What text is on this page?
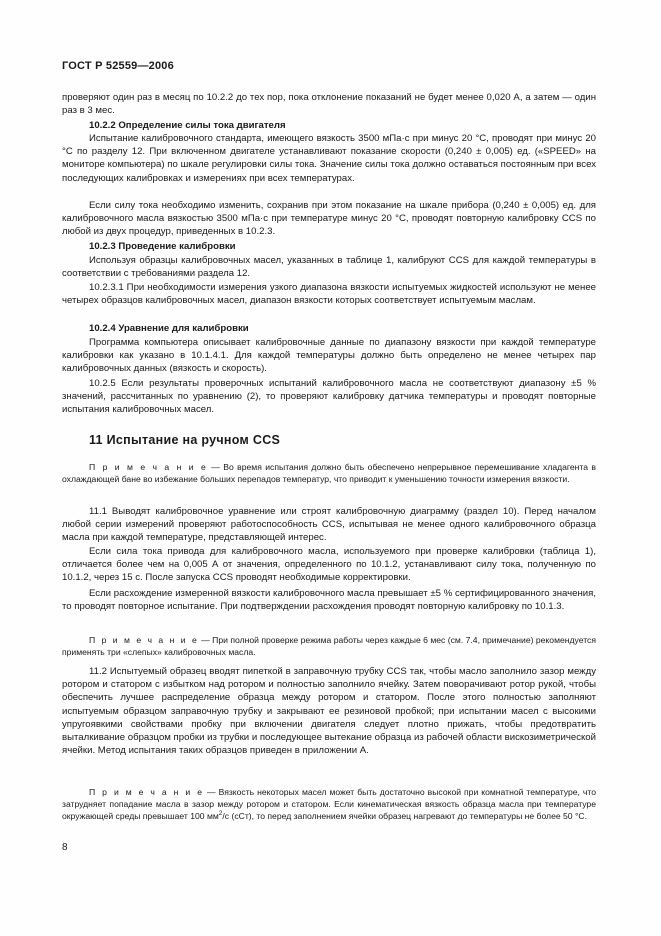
ГОСТ Р 52559—2006
проверяют один раз в месяц по 10.2.2 до тех пор, пока отклонение показаний не будет менее 0,020 А, а затем — один раз в 3 мес.
10.2.2 Определение силы тока двигателя
Испытание калибровочного стандарта, имеющего вязкость 3500 мПа·с при минус 20 °С, проводят при минус 20 °С по разделу 12. При включенном двигателе устанавливают показание скорости (0,240 ± 0,005) ед. («SPEED» на мониторе компьютера) по шкале регулировки силы тока. Значение силы тока должно оставаться постоянным при всех последующих калибровках и измерениях при всех температурах.
Если силу тока необходимо изменить, сохранив при этом показание на шкале прибора (0,240 ± 0,005) ед. для калибровочного масла вязкостью 3500 мПа·с при температуре минус 20 °С, проводят повторную калибровку CCS по любой из двух процедур, приведенных в 10.2.3.
10.2.3 Проведение калибровки
Используя образцы калибровочных масел, указанных в таблице 1, калибруют CCS для каждой температуры в соответствии с требованиями раздела 12.
10.2.3.1 При необходимости измерения узкого диапазона вязкости испытуемых жидкостей используют не менее четырех образцов калибровочных масел, диапазон вязкости которых соответствует испытуемым маслам.
10.2.4 Уравнение для калибровки
Программа компьютера описывает калибровочные данные по диапазону вязкости при каждой температуре калибровки как указано в 10.1.4.1. Для каждой температуры должно быть определено не менее четырех пар калибровочных данных (вязкость и скорость).
10.2.5 Если результаты проверочных испытаний калибровочного масла не соответствуют диапазону ±5 % значений, рассчитанных по уравнению (2), то проверяют калибровку датчика температуры и проводят повторные испытания калибровочных масел.
11 Испытание на ручном CCS
П р и м е ч а н и е — Во время испытания должно быть обеспечено непрерывное перемешивание хладагента в охлаждающей бане во избежание больших перепадов температур, что приводит к уменьшению точности измерения вязкости.
11.1 Выводят калибровочное уравнение или строят калибровочную диаграмму (раздел 10). Перед началом любой серии измерений проверяют работоспособность CCS, испытывая не менее одного калибровочного образца масла при каждой температуре, представляющей интерес.
Если сила тока привода для калибровочного масла, используемого при проверке калибровки (таблица 1), отличается более чем на 0,005 А от значения, определенного по 10.1.2, устанавливают силу тока, полученную по 10.1.2, через 15 с. После запуска CCS проводят необходимые корректировки.
Если расхождение измеренной вязкости калибровочного масла превышает ±5 % сертифицированного значения, то проводят повторное испытание. При подтверждении расхождения проводят повторную калибровку по 10.1.3.
П р и м е ч а н и е — При полной проверке режима работы через каждые 6 мес (см. 7.4, примечание) рекомендуется применять три «слепых» калибровочных масла.
11.2 Испытуемый образец вводят пипеткой в заправочную трубку CCS так, чтобы масло заполнило зазор между ротором и статором с избытком над ротором и полностью заполнило ячейку. Затем поворачивают ротор рукой, чтобы обеспечить лучшее распределение образца между ротором и статором. После этого полностью заполняют испытуемым образцом заправочную трубку и закрывают ее резиновой пробкой; при испытании масел с высокими упругоявкими свойствами пробку при включении двигателя следует плотно прижать, чтобы предотвратить выталкивание образцом пробки из трубки и последующее вытекание образца из рабочей области вискозиметрической ячейки. Метод испытания таких образцов приведен в приложении А.
П р и м е ч а н и е — Вязкость некоторых масел может быть достаточно высокой при комнатной температуре, что затрудняет попадание масла в зазор между ротором и статором. Если кинематическая вязкость образца масла при температуре окружающей среды превышает 100 $мм^2/с$ (сСт), то перед заполнением ячейки образец нагревают до температуры не более 50 °С.
8
